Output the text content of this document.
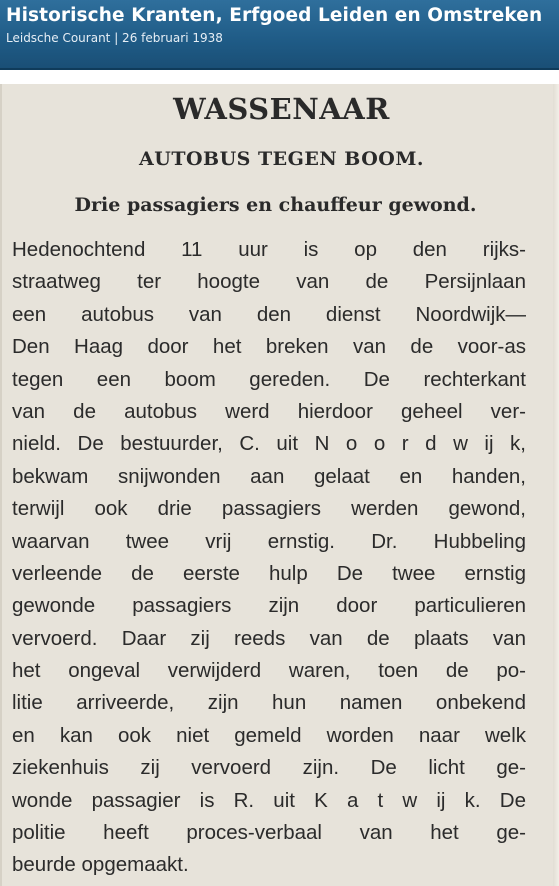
Historische Kranten, Erfgoed Leiden en Omstreken
Leidsche Courant | 26 februari 1938
WASSENAAR
AUTOBUS TEGEN BOOM.
Drie passagiers en chauffeur gewond.
Hedenochtend 11 uur is op den rijks-
straatweg ter hoogte van de Persijnlaan
een autobus van den dienst Noordwijk—
Den Haag door het breken van de voor-as
tegen een boom gereden. De rechterkant
van de autobus werd hierdoor geheel ver-
nield. De bestuurder, C. uit N o o r d w ij k,
bekwam snijwonden aan gelaat en handen,
terwijl ook drie passagiers werden gewond,
waarvan twee vrij ernstig. Dr. Hubbeling
verleende de eerste hulp De twee ernstig
gewonde passagiers zijn door particulieren
vervoerd. Daar zij reeds van de plaats van
het ongeval verwijderd waren, toen de po-
litie arriveerde, zijn hun namen onbekend
en kan ook niet gemeld worden naar welk
ziekenhuis zij vervoerd zijn. De licht ge-
wonde passagier is R. uit K a t w ij k. De
politie heeft proces-verbaal van het ge-
beurde opgemaakt.
